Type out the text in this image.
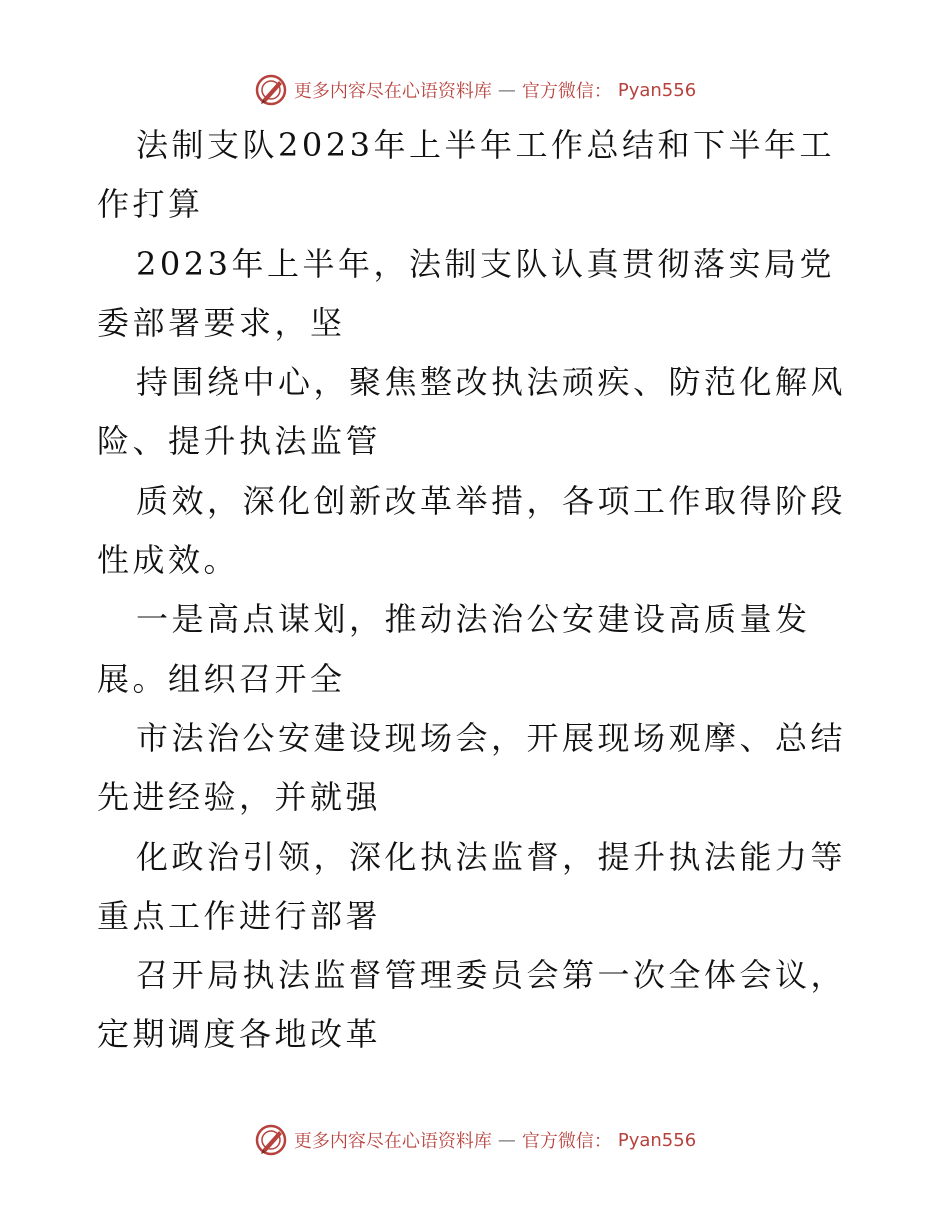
更多内容尽在心语资料库 — 官方微信： Pyan556

法制支队2023年上半年工作总结和下半年工作打算

2023年上半年，法制支队认真贯彻落实局党委部署要求，坚

持围绕中心，聚焦整改执法顽疾、防范化解风险、提升执法监管

质效，深化创新改革举措，各项工作取得阶段性成效。

一是高点谋划，推动法治公安建设高质量发展。组织召开全

市法治公安建设现场会，开展现场观摩、总结先进经验，并就强

化政治引领，深化执法监督，提升执法能力等重点工作进行部署

召开局执法监督管理委员会第一次全体会议，定期调度各地改革

更多内容尽在心语资料库 — 官方微信： Pyan556
